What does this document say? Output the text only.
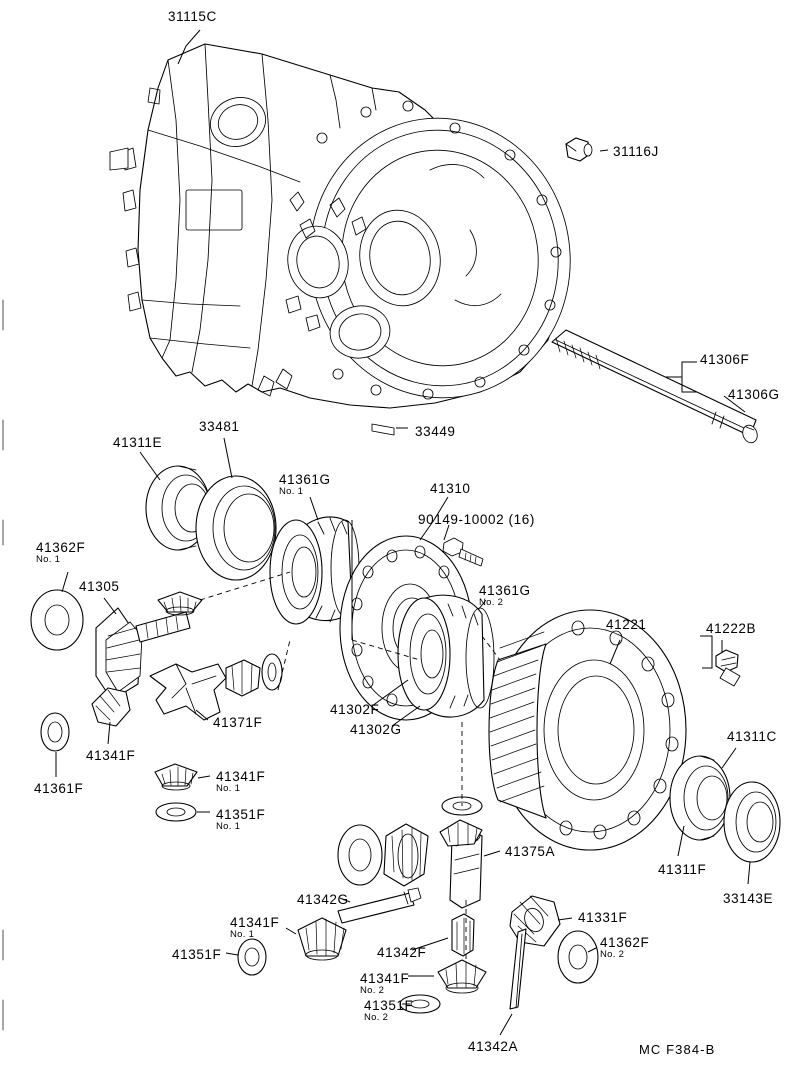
31115C
31116J
41306F
41306G
33449
41311E
33481
41361G
No. 1	41310
90149-10002 (16)
41361G
No. 2
41362F
No. 1
41305
41371F
41302F
41302G
41221	41222B
41311C
41311F
33143E
41341F
41361F
41341F
No. 1
41351F
No. 1
41375A
41342G
41331F
41341F
No. 1
41351F	41342F
41362F
No. 2
41341F
No. 2
41351F
No. 2
41342A	MC F384-B
